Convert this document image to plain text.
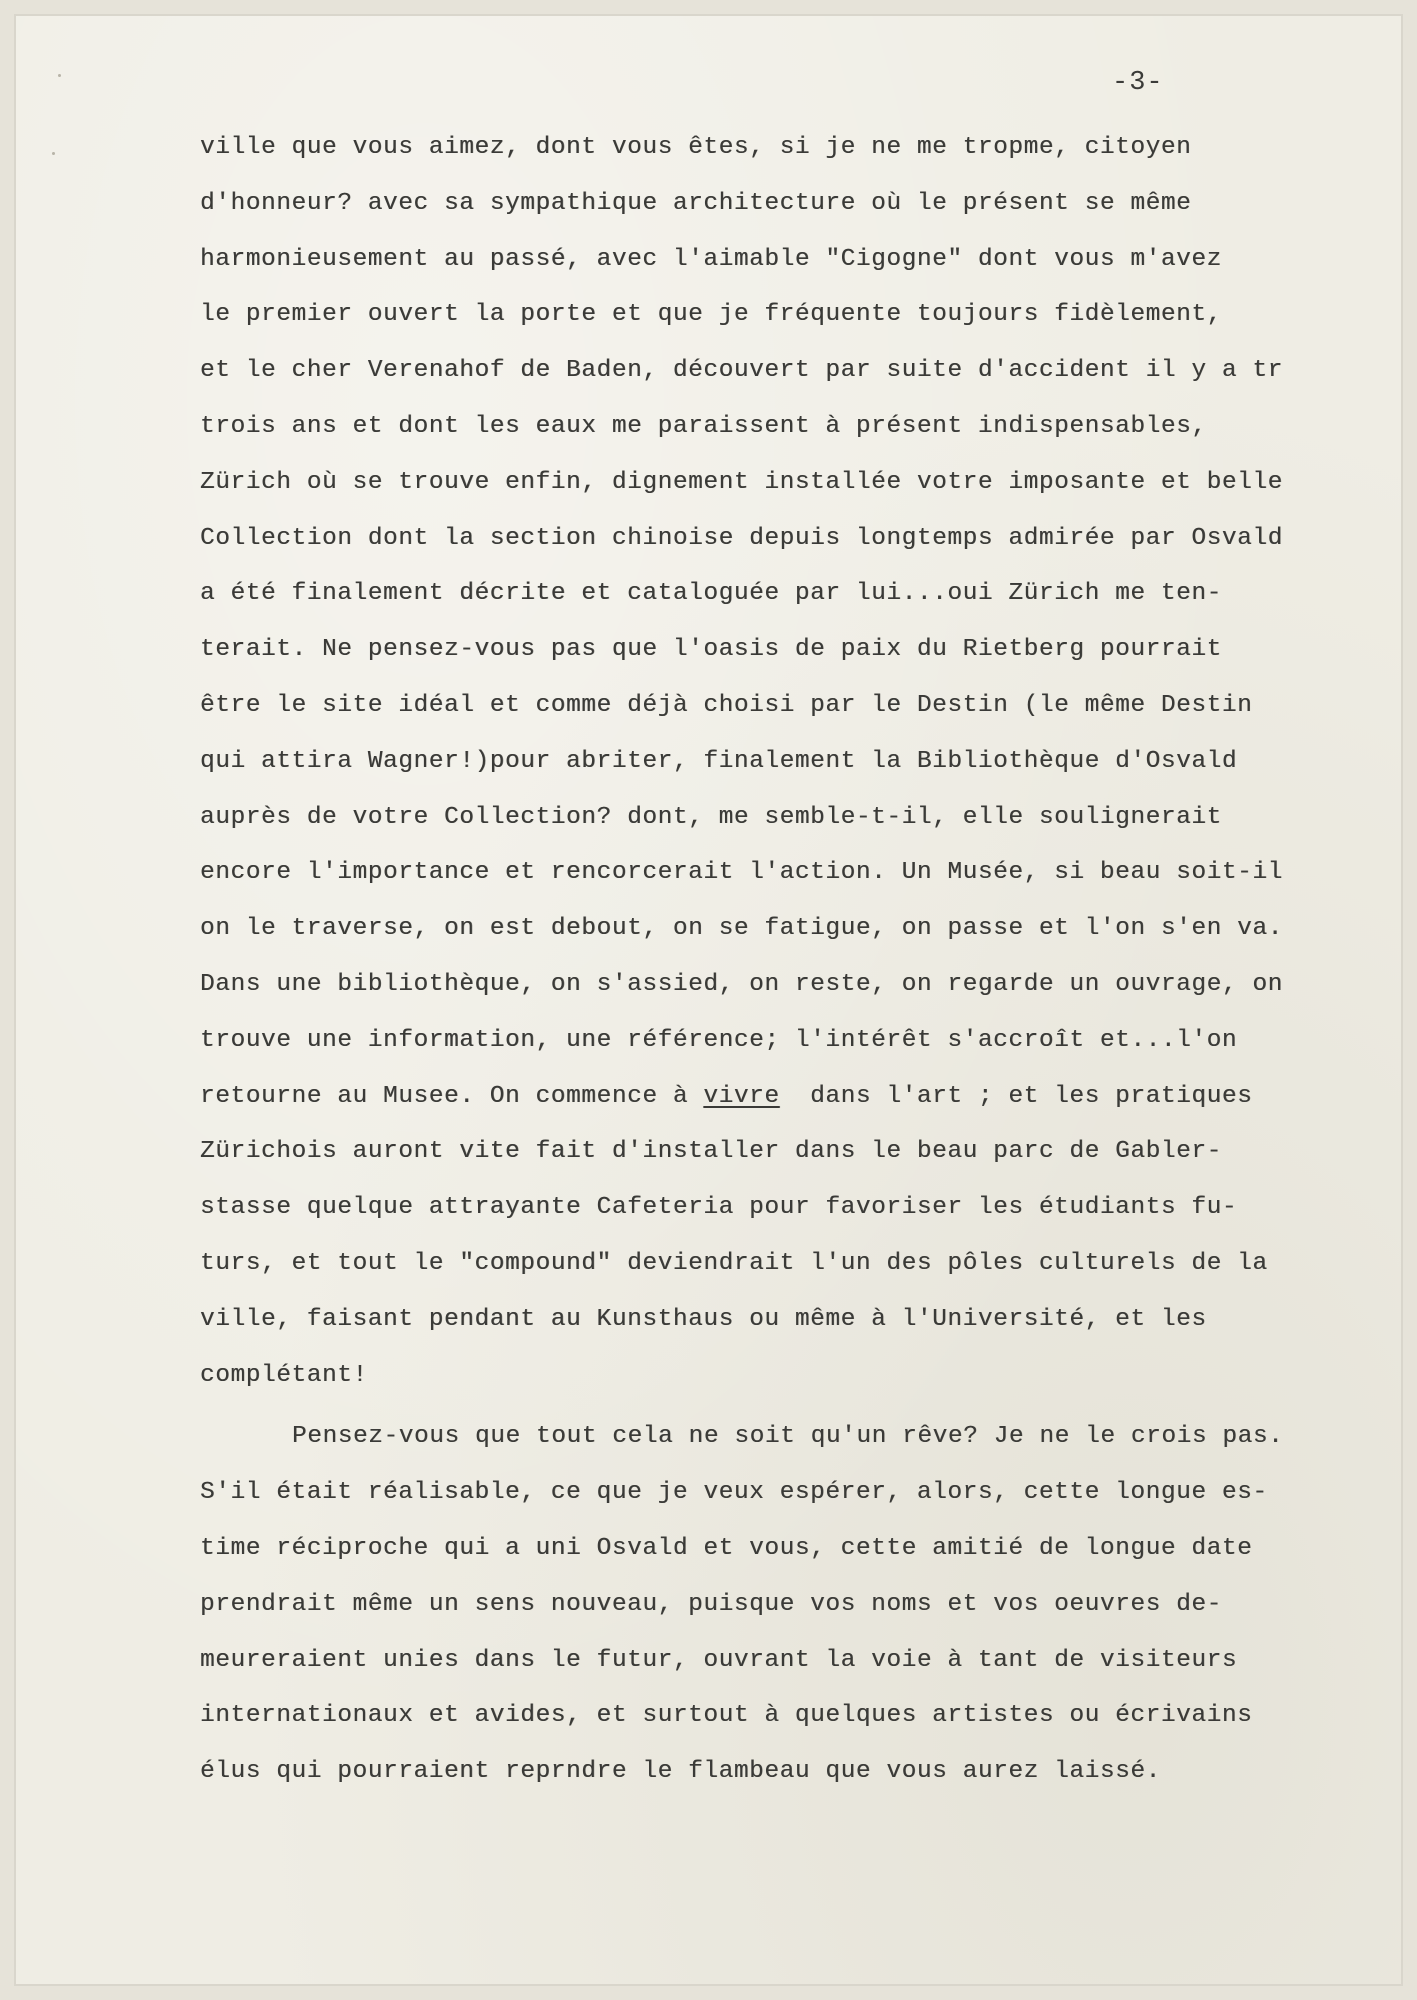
-3-
ville que vous aimez, dont vous êtes, si je ne me tropme, citoyen
d'honneur? avec sa sympathique architecture où le présent se même
harmonieusement au passé, avec l'aimable "Cigogne" dont vous m'avez
le premier ouvert la porte et que je fréquente toujours fidèlement,
et le cher Verenahof de Baden, découvert par suite d'accident il y a tr
trois ans et dont les eaux me paraissent à présent indispensables,
Zürich où se trouve enfin, dignement installée votre imposante et belle
Collection dont la section chinoise depuis longtemps admirée par Osvald
a été finalement décrite et cataloguée par lui...oui Zürich me ten-
terait. Ne pensez-vous pas que l'oasis de paix du Rietberg pourrait
être le site idéal et comme déjà choisi par le Destin (le même Destin
qui attira Wagner!)pour abriter, finalement la Bibliothèque d'Osvald
auprès de votre Collection? dont, me semble-t-il, elle soulignerait
encore l'importance et rencorcerait l'action. Un Musée, si beau soit-il
on le traverse, on est debout, on se fatigue, on passe et l'on s'en va.
Dans une bibliothèque, on s'assied, on reste, on regarde un ouvrage, on
trouve une information, une référence; l'intérêt s'accroît et...l'on
retourne au Musee. On commence à vivre  dans l'art ; et les pratiques
Zürichois auront vite fait d'installer dans le beau parc de Gabler-
stasse quelque attrayante Cafeteria pour favoriser les étudiants fu-
turs, et tout le "compound" deviendrait l'un des pôles culturels de la
ville, faisant pendant au Kunsthaus ou même à l'Université, et les
complétant!
Pensez-vous que tout cela ne soit qu'un rêve? Je ne le crois pas.
S'il était réalisable, ce que je veux espérer, alors, cette longue es-
time réciproche qui a uni Osvald et vous, cette amitié de longue date
prendrait même un sens nouveau, puisque vos noms et vos oeuvres de-
meureraient unies dans le futur, ouvrant la voie à tant de visiteurs
internationaux et avides, et surtout à quelques artistes ou écrivains
élus qui pourraient reprndre le flambeau que vous aurez laissé.
